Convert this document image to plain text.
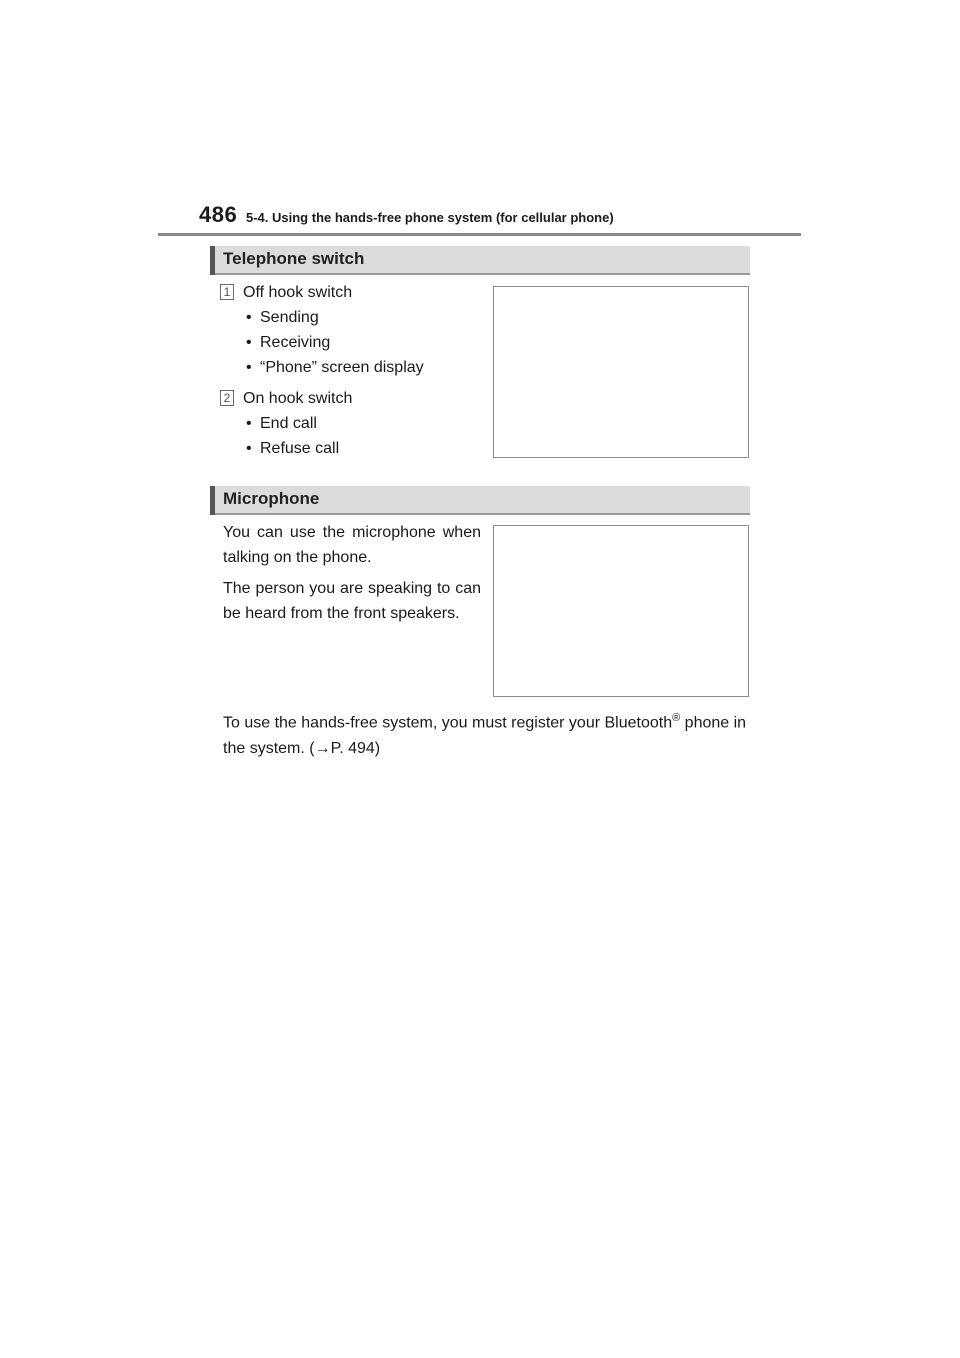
486 5-4. Using the hands-free phone system (for cellular phone)
Telephone switch
1 Off hook switch
• Sending
• Receiving
• “Phone” screen display
2 On hook switch
• End call
• Refuse call
Microphone
You can use the microphone when talking on the phone.
The person you are speaking to can be heard from the front speakers.
To use the hands-free system, you must register your Bluetooth® phone in the system. (→P. 494)
